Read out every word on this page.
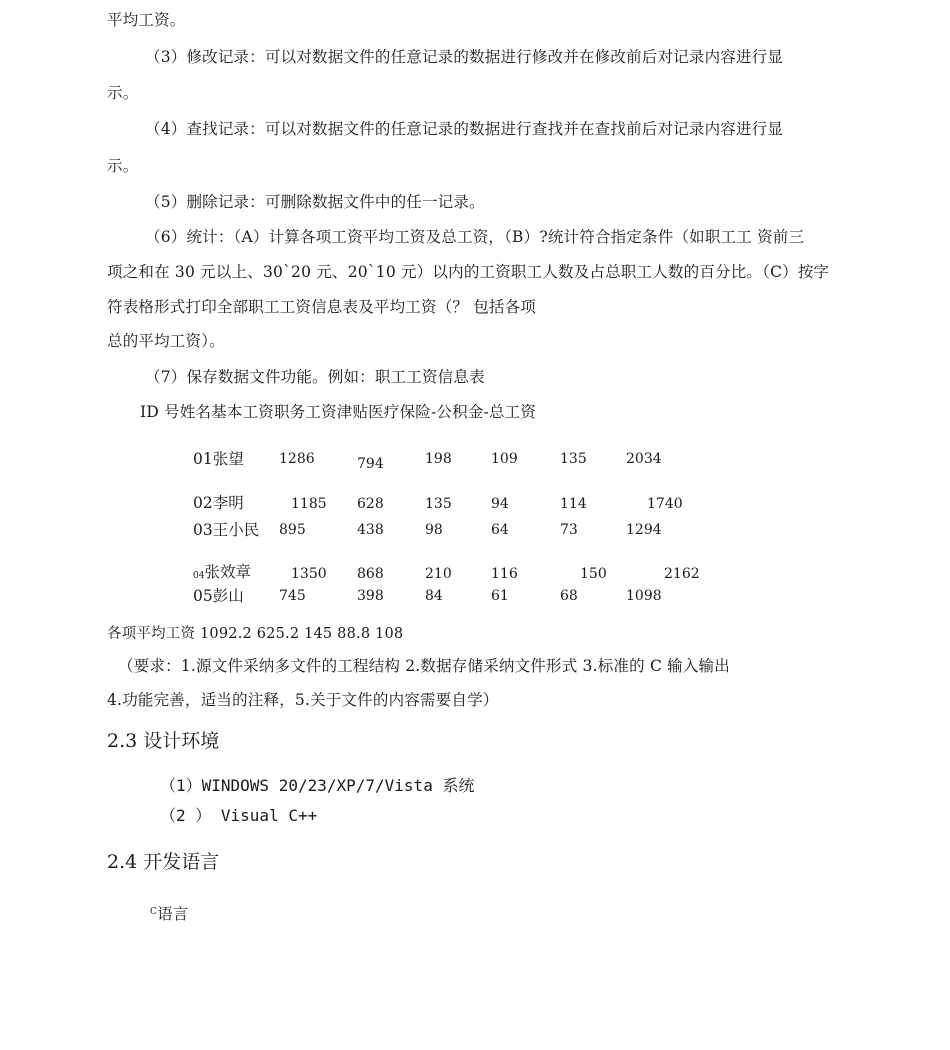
平均工资。
（3）修改记录：可以对数据文件的任意记录的数据进行修改并在修改前后对记录内容进行显
示。
（4）查找记录：可以对数据文件的任意记录的数据进行查找并在查找前后对记录内容进行显
示。
（5）删除记录：可删除数据文件中的任一记录。
（6）统计：（A）计算各项工资平均工资及总工资，（B）?统计符合指定条件（如职工工 资前三
项之和在 30 元以上、30`20 元、20`10 元）以内的工资职工人数及占总职工人数的百分比。（C）按字
符表格形式打印全部职工工资信息表及平均工资（？ 包括各项
总的平均工资）。
（7）保存数据文件功能。例如：职工工资信息表
ID 号姓名基本工资职务工资津贴医疗保险-公积金-总工资
01张望	1286	794	198	109	135	2034
02李明	1185 628	135	94	114	1740
03王小民 895	438	98	64	73	1294
04张效章	1350 868	210	116	150	2162
05彭山	745	398	84	61	68	1098
各项平均工资 1092.2 625.2 145 88.8 108
（要求：1.源文件采纳多文件的工程结构 2.数据存储采纳文件形式 3.标准的 C 输入输出
4.功能完善，适当的注释，5.关于文件的内容需要自学）
2.3 设计环境
（1）WINDOWS 20/23/XP/7/Vista 系统
（2 ） Visual C++
2.4 开发语言
$^C$语言
